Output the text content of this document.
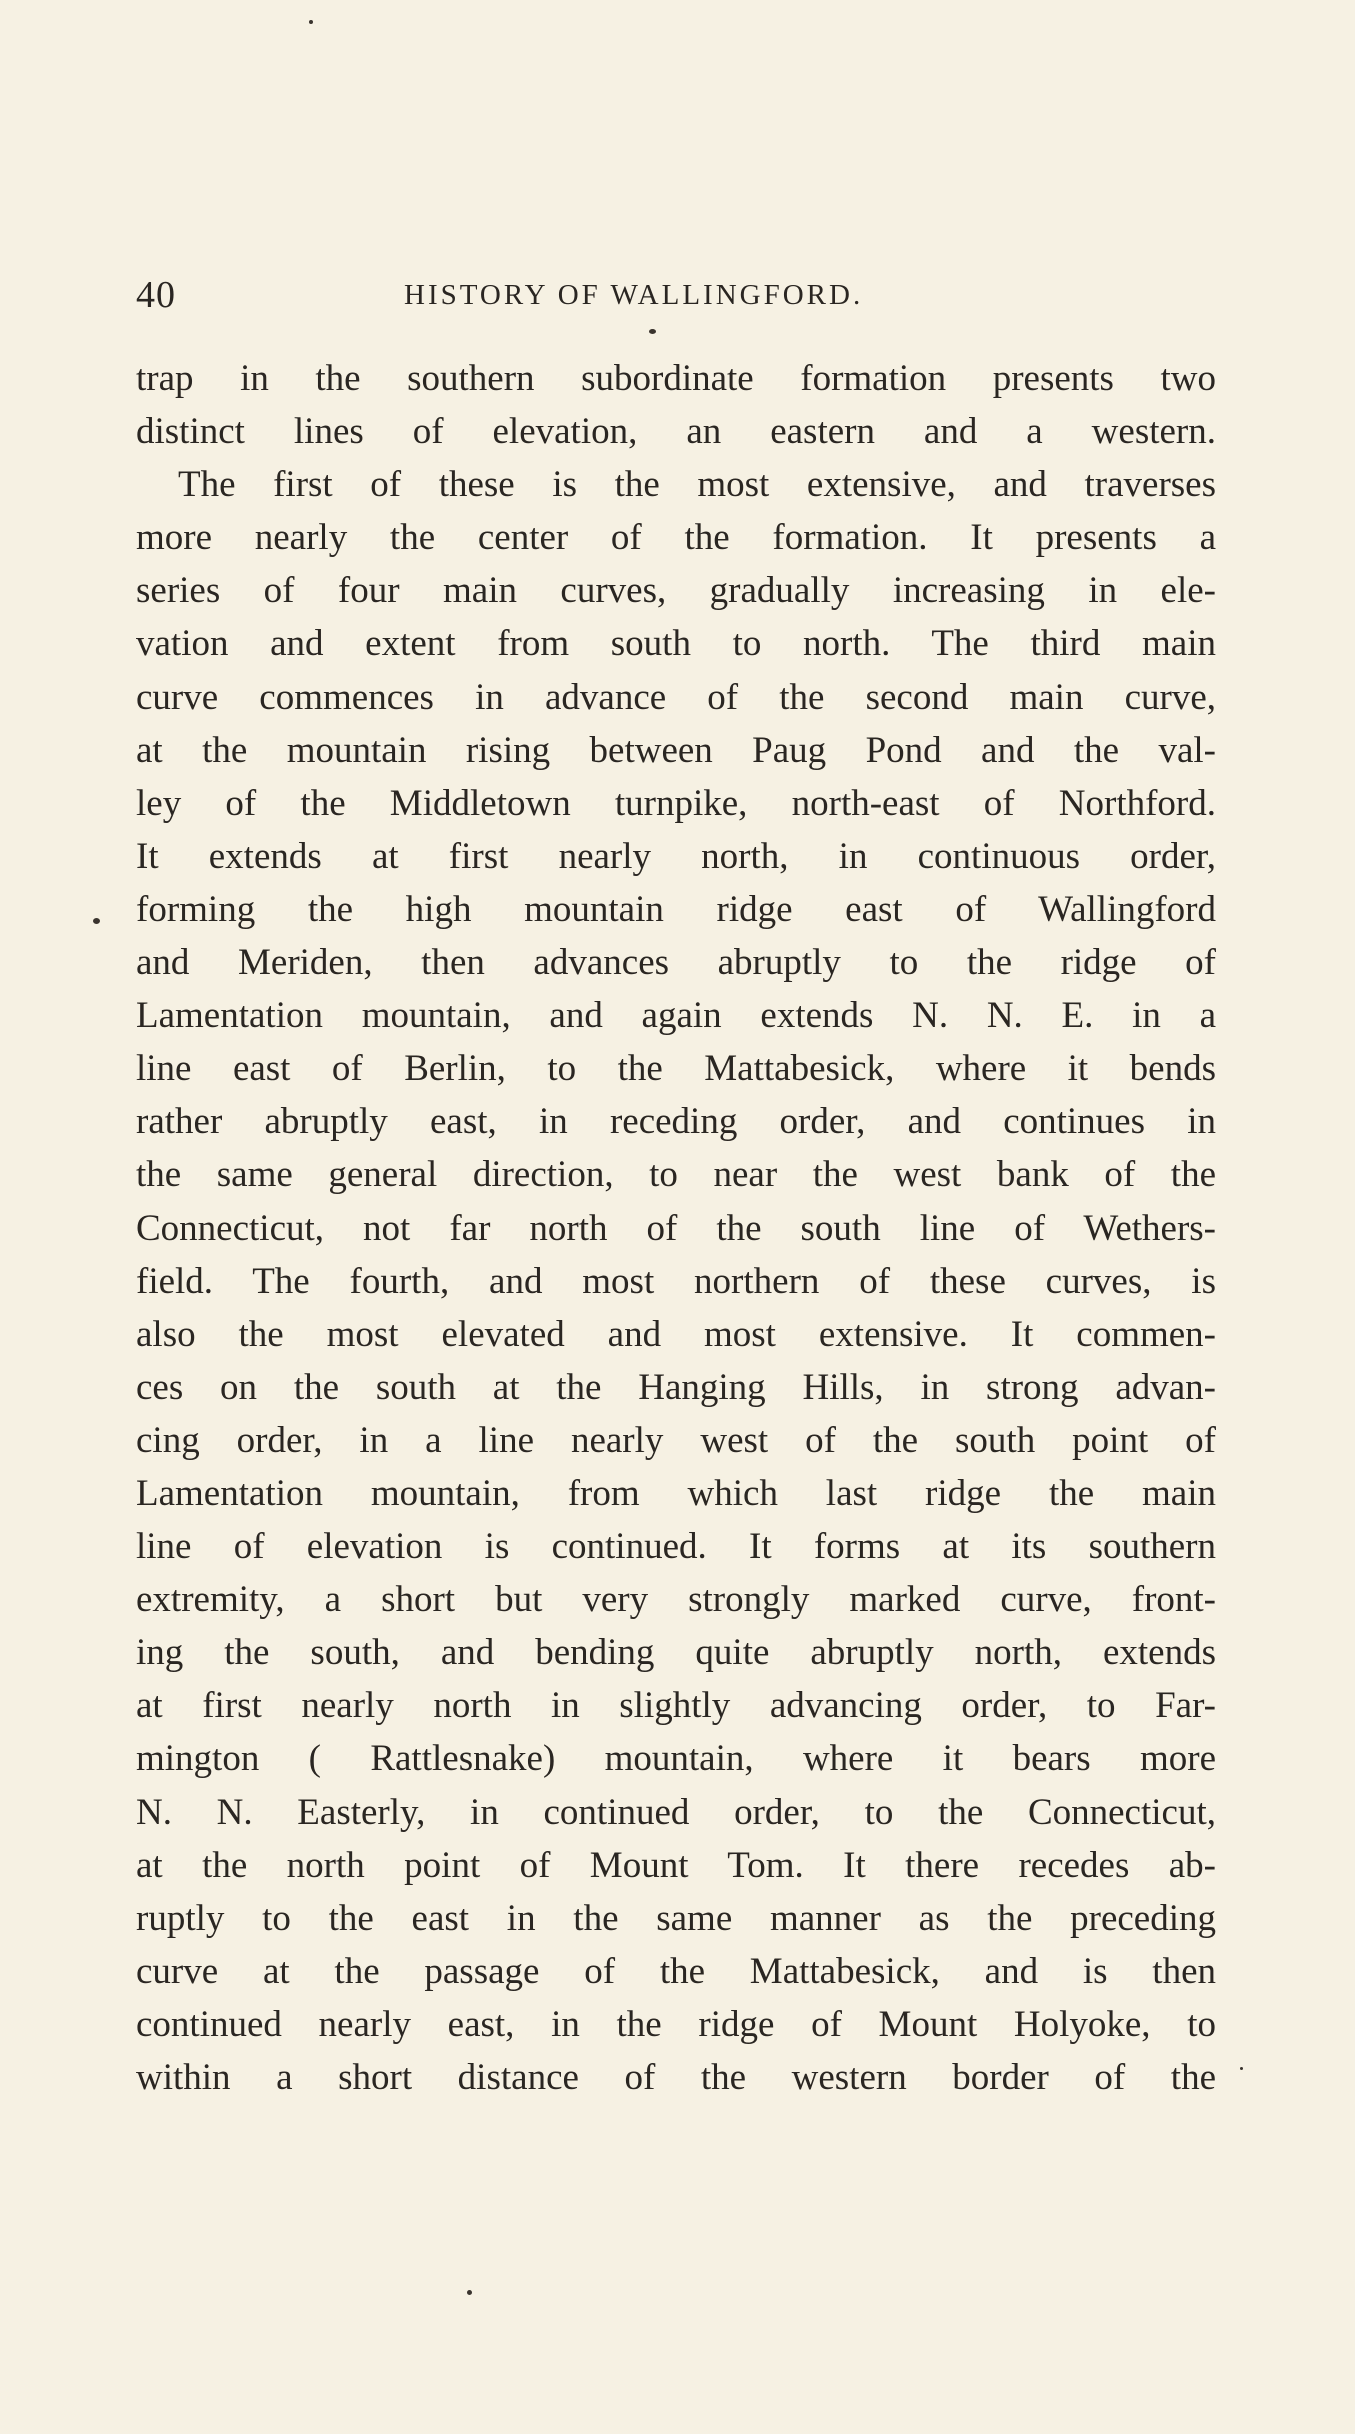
40	HISTORY OF WALLINGFORD.
trap in the southern subordinate formation presents two
distinct lines of elevation, an eastern and a western.
The first of these is the most extensive, and traverses
more nearly the center of the formation. It presents a
series of four main curves, gradually increasing in ele-
vation and extent from south to north. The third main
curve commences in advance of the second main curve,
at the mountain rising between Paug Pond and the val-
ley of the Middletown turnpike, north-east of Northford.
It extends at first nearly north, in continuous order,
forming the high mountain ridge east of Wallingford
and Meriden, then advances abruptly to the ridge of
Lamentation mountain, and again extends N. N. E. in a
line east of Berlin, to the Mattabesick, where it bends
rather abruptly east, in receding order, and continues in
the same general direction, to near the west bank of the
Connecticut, not far north of the south line of Wethers-
field. The fourth, and most northern of these curves, is
also the most elevated and most extensive. It commen-
ces on the south at the Hanging Hills, in strong advan-
cing order, in a line nearly west of the south point of
Lamentation mountain, from which last ridge the main
line of elevation is continued. It forms at its southern
extremity, a short but very strongly marked curve, front-
ing the south, and bending quite abruptly north, extends
at first nearly north in slightly advancing order, to Far-
mington ( Rattlesnake) mountain, where it bears more
N. N. Easterly, in continued order, to the Connecticut,
at the north point of Mount Tom. It there recedes ab-
ruptly to the east in the same manner as the preceding
curve at the passage of the Mattabesick, and is then
continued nearly east, in the ridge of Mount Holyoke, to
within a short distance of the western border of the
